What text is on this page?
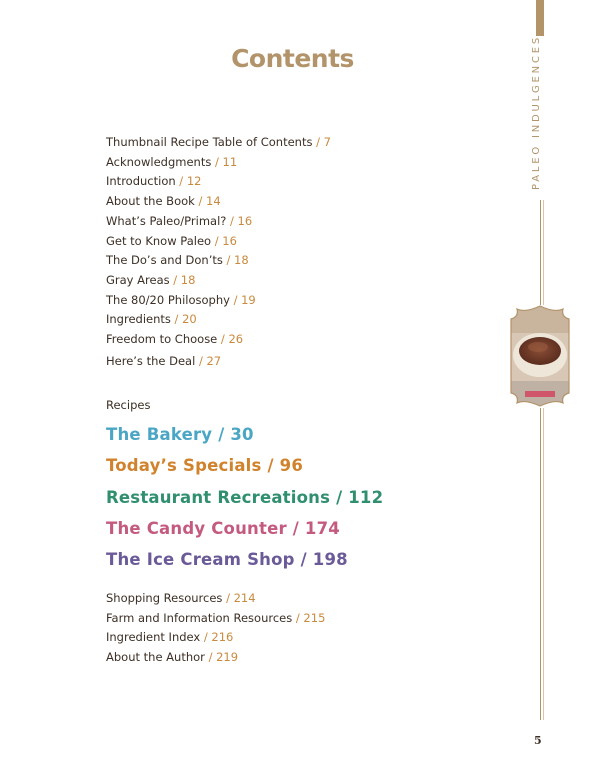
Contents
Thumbnail Recipe Table of Contents / 7
Acknowledgments / 11
Introduction / 12
About the Book / 14
What’s Paleo/Primal? / 16
Get to Know Paleo / 16
The Do’s and Don’ts / 18
Gray Areas / 18
The 80/20 Philosophy / 19
Ingredients / 20
Freedom to Choose / 26
Here’s the Deal / 27
Recipes
The Bakery / 30
Today’s Specials / 96
Restaurant Recreations / 112
The Candy Counter / 174
The Ice Cream Shop / 198
Shopping Resources / 214
Farm and Information Resources / 215
Ingredient Index / 216
About the Author / 219
PALEO INDULGENCES
5
